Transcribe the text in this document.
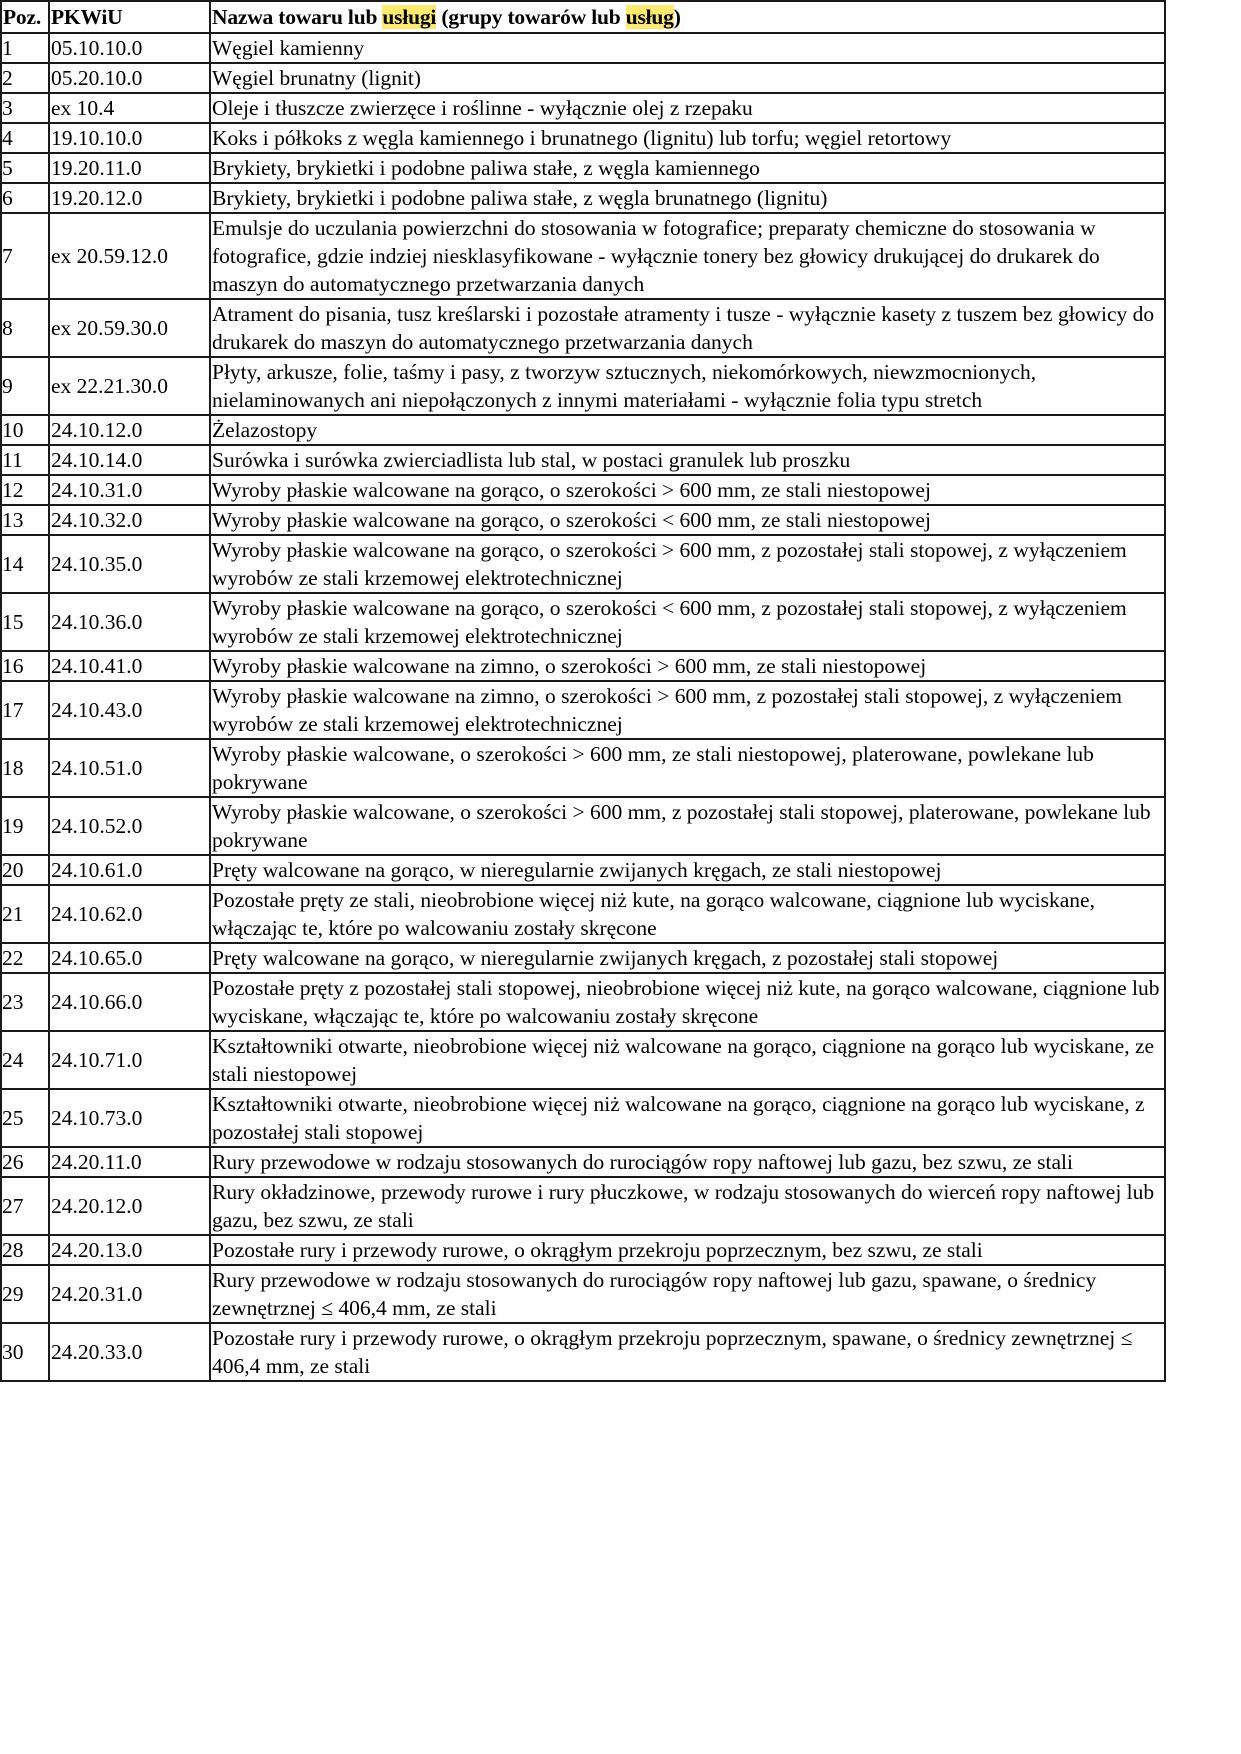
Poz.	PKWiU	Nazwa towaru lub usługi (grupy towarów lub usług)
1	05.10.10.0	Węgiel kamienny
2	05.20.10.0	Węgiel brunatny (lignit)
3	ex 10.4	Oleje i tłuszcze zwierzęce i roślinne - wyłącznie olej z rzepaku
4	19.10.10.0	Koks i półkoks z węgla kamiennego i brunatnego (lignitu) lub torfu; węgiel retortowy
5	19.20.11.0	Brykiety, brykietki i podobne paliwa stałe, z węgla kamiennego
6	19.20.12.0	Brykiety, brykietki i podobne paliwa stałe, z węgla brunatnego (lignitu)
7	ex 20.59.12.0	Emulsje do uczulania powierzchni do stosowania w fotografice; preparaty chemiczne do stosowania w fotografice, gdzie indziej niesklasyfikowane - wyłącznie tonery bez głowicy drukującej do drukarek do maszyn do automatycznego przetwarzania danych
8	ex 20.59.30.0	Atrament do pisania, tusz kreślarski i pozostałe atramenty i tusze - wyłącznie kasety z tuszem bez głowicy do drukarek do maszyn do automatycznego przetwarzania danych
9	ex 22.21.30.0	Płyty, arkusze, folie, taśmy i pasy, z tworzyw sztucznych, niekomórkowych, niewzmocnionych, nielaminowanych ani niepołączonych z innymi materiałami - wyłącznie folia typu stretch
10	24.10.12.0	Żelazostopy
11	24.10.14.0	Surówka i surówka zwierciadlista lub stal, w postaci granulek lub proszku
12	24.10.31.0	Wyroby płaskie walcowane na gorąco, o szerokości > 600 mm, ze stali niestopowej
13	24.10.32.0	Wyroby płaskie walcowane na gorąco, o szerokości < 600 mm, ze stali niestopowej
14	24.10.35.0	Wyroby płaskie walcowane na gorąco, o szerokości > 600 mm, z pozostałej stali stopowej, z wyłączeniem wyrobów ze stali krzemowej elektrotechnicznej
15	24.10.36.0	Wyroby płaskie walcowane na gorąco, o szerokości < 600 mm, z pozostałej stali stopowej, z wyłączeniem wyrobów ze stali krzemowej elektrotechnicznej
16	24.10.41.0	Wyroby płaskie walcowane na zimno, o szerokości > 600 mm, ze stali niestopowej
17	24.10.43.0	Wyroby płaskie walcowane na zimno, o szerokości > 600 mm, z pozostałej stali stopowej, z wyłączeniem wyrobów ze stali krzemowej elektrotechnicznej
18	24.10.51.0	Wyroby płaskie walcowane, o szerokości > 600 mm, ze stali niestopowej, platerowane, powlekane lub pokrywane
19	24.10.52.0	Wyroby płaskie walcowane, o szerokości > 600 mm, z pozostałej stali stopowej, platerowane, powlekane lub pokrywane
20	24.10.61.0	Pręty walcowane na gorąco, w nieregularnie zwijanych kręgach, ze stali niestopowej
21	24.10.62.0	Pozostałe pręty ze stali, nieobrobione więcej niż kute, na gorąco walcowane, ciągnione lub wyciskane, włączając te, które po walcowaniu zostały skręcone
22	24.10.65.0	Pręty walcowane na gorąco, w nieregularnie zwijanych kręgach, z pozostałej stali stopowej
23	24.10.66.0	Pozostałe pręty z pozostałej stali stopowej, nieobrobione więcej niż kute, na gorąco walcowane, ciągnione lub wyciskane, włączając te, które po walcowaniu zostały skręcone
24	24.10.71.0	Kształtowniki otwarte, nieobrobione więcej niż walcowane na gorąco, ciągnione na gorąco lub wyciskane, ze stali niestopowej
25	24.10.73.0	Kształtowniki otwarte, nieobrobione więcej niż walcowane na gorąco, ciągnione na gorąco lub wyciskane, z pozostałej stali stopowej
26	24.20.11.0	Rury przewodowe w rodzaju stosowanych do rurociągów ropy naftowej lub gazu, bez szwu, ze stali
27	24.20.12.0	Rury okładzinowe, przewody rurowe i rury płuczkowe, w rodzaju stosowanych do wierceń ropy naftowej lub gazu, bez szwu, ze stali
28	24.20.13.0	Pozostałe rury i przewody rurowe, o okrągłym przekroju poprzecznym, bez szwu, ze stali
29	24.20.31.0	Rury przewodowe w rodzaju stosowanych do rurociągów ropy naftowej lub gazu, spawane, o średnicy zewnętrznej ≤ 406,4 mm, ze stali
30	24.20.33.0	Pozostałe rury i przewody rurowe, o okrągłym przekroju poprzecznym, spawane, o średnicy zewnętrznej ≤ 406,4 mm, ze stali
